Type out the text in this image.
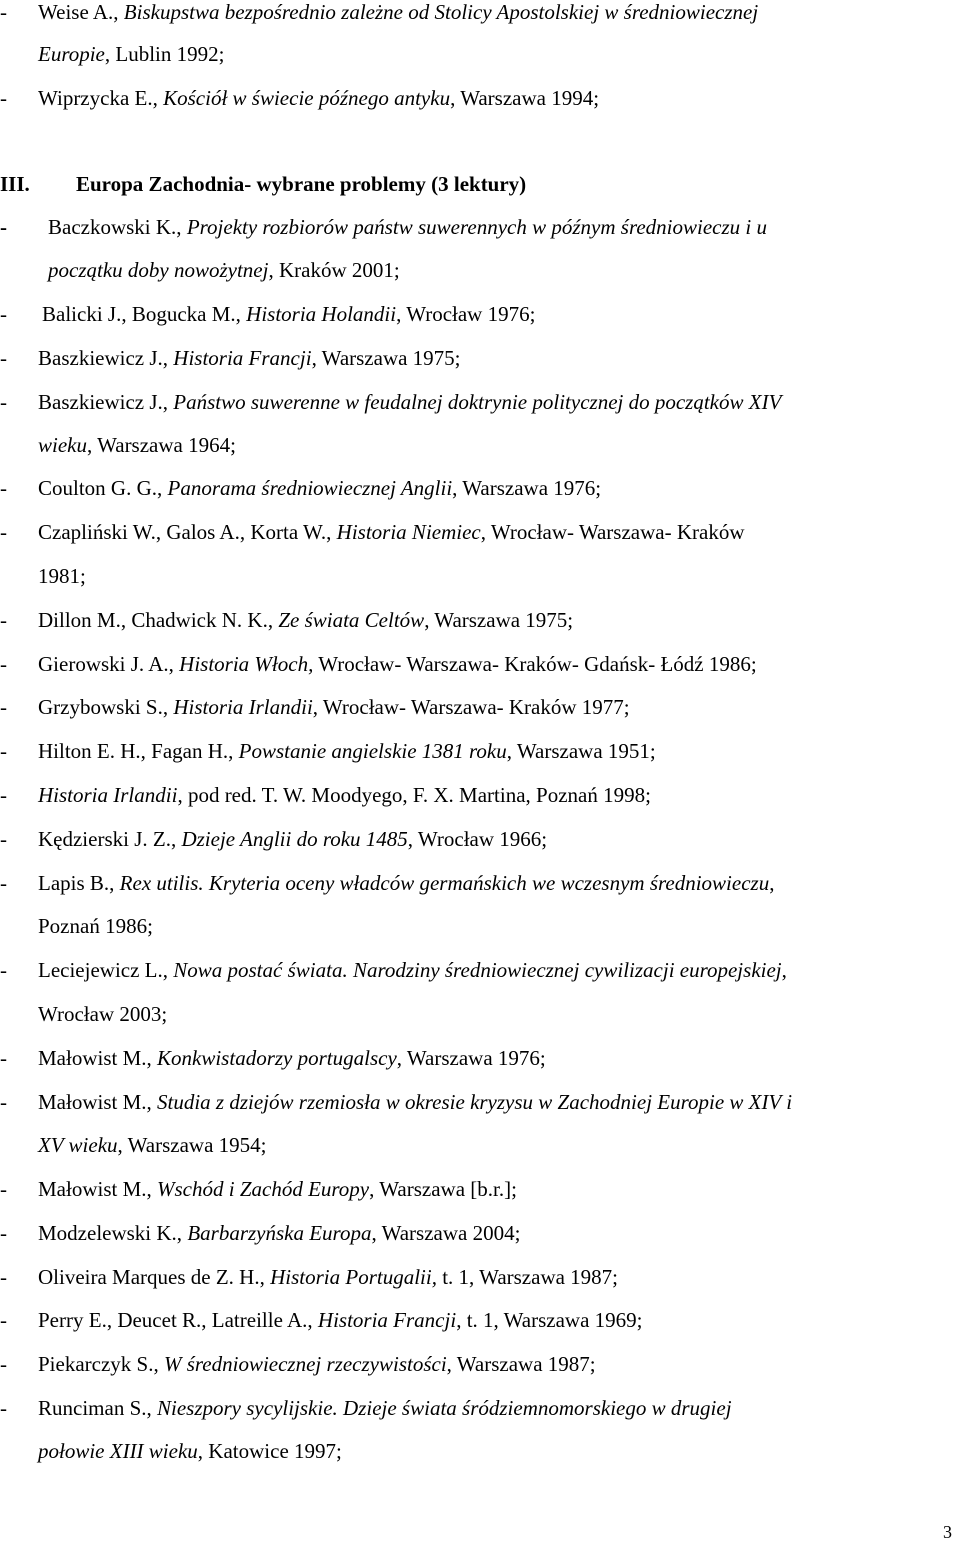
- Weise A., Biskupstwa bezpośrednio zależne od Stolicy Apostolskiej w średniowiecznej
Europie, Lublin 1992;
- Wiprzycka E., Kościół w świecie późnego antyku, Warszawa 1994;
III. Europa Zachodnia- wybrane problemy (3 lektury)
- Baczkowski K., Projekty rozbiorów państw suwerennych w późnym średniowieczu i u
początku doby nowożytnej, Kraków 2001;
- Balicki J., Bogucka M., Historia Holandii, Wrocław 1976;
- Baszkiewicz J., Historia Francji, Warszawa 1975;
- Baszkiewicz J., Państwo suwerenne w feudalnej doktrynie politycznej do początków XIV
wieku, Warszawa 1964;
- Coulton G. G., Panorama średniowiecznej Anglii, Warszawa 1976;
- Czapliński W., Galos A., Korta W., Historia Niemiec, Wrocław- Warszawa- Kraków
1981;
- Dillon M., Chadwick N. K., Ze świata Celtów, Warszawa 1975;
- Gierowski J. A., Historia Włoch, Wrocław- Warszawa- Kraków- Gdańsk- Łódź 1986;
- Grzybowski S., Historia Irlandii, Wrocław- Warszawa- Kraków 1977;
- Hilton E. H., Fagan H., Powstanie angielskie 1381 roku, Warszawa 1951;
- Historia Irlandii, pod red. T. W. Moodyego, F. X. Martina, Poznań 1998;
- Kędzierski J. Z., Dzieje Anglii do roku 1485, Wrocław 1966;
- Lapis B., Rex utilis. Kryteria oceny władców germańskich we wczesnym średniowieczu,
Poznań 1986;
- Leciejewicz L., Nowa postać świata. Narodziny średniowiecznej cywilizacji europejskiej,
Wrocław 2003;
- Małowist M., Konkwistadorzy portugalscy, Warszawa 1976;
- Małowist M., Studia z dziejów rzemiosła w okresie kryzysu w Zachodniej Europie w XIV i
XV wieku, Warszawa 1954;
- Małowist M., Wschód i Zachód Europy, Warszawa [b.r.];
- Modzelewski K., Barbarzyńska Europa, Warszawa 2004;
- Oliveira Marques de Z. H., Historia Portugalii, t. 1, Warszawa 1987;
- Perry E., Deucet R., Latreille A., Historia Francji, t. 1, Warszawa 1969;
- Piekarczyk S., W średniowiecznej rzeczywistości, Warszawa 1987;
- Runciman S., Nieszpory sycylijskie. Dzieje świata śródziemnomorskiego w drugiej
połowie XIII wieku, Katowice 1997;
3
